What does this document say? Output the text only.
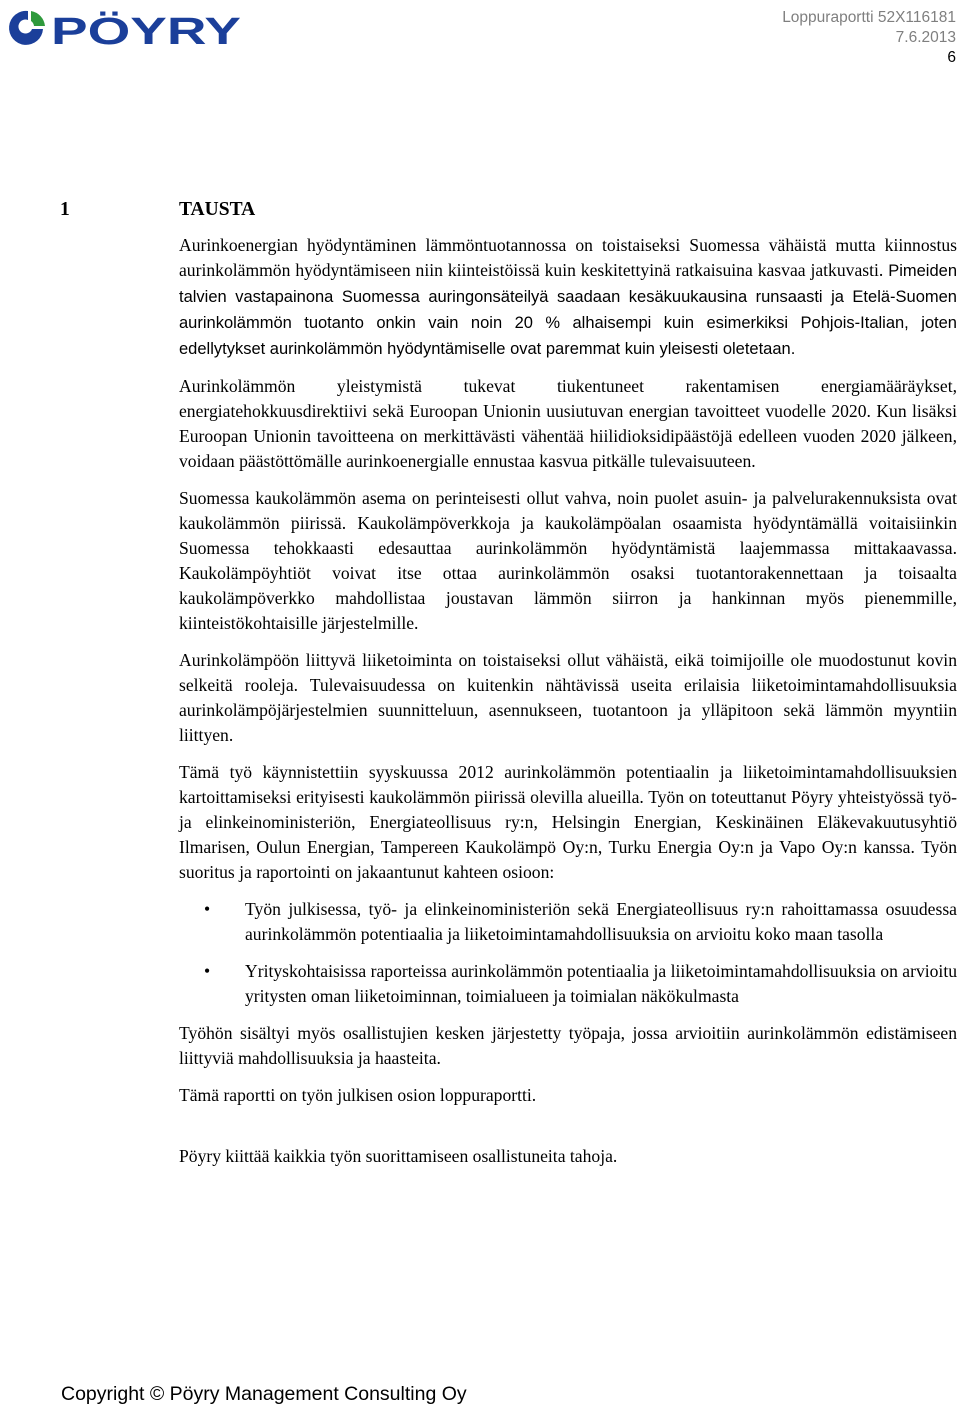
PÖYRY	Loppuraportti 52X116181
7.6.2013
6
1	TAUSTA

Aurinkoenergian hyödyntäminen lämmöntuotannossa on toistaiseksi Suomessa vähäistä mutta kiinnostus aurinkolämmön hyödyntämiseen niin kiinteistöissä kuin keskitettyinä ratkaisuina kasvaa jatkuvasti. Pimeiden talvien vastapainona Suomessa auringonsäteilyä saadaan kesäkuukausina runsaasti ja Etelä-Suomen aurinkolämmön tuotanto onkin vain noin 20 % alhaisempi kuin esimerkiksi Pohjois-Italian, joten edellytykset aurinkolämmön hyödyntämiselle ovat paremmat kuin yleisesti oletetaan.

Aurinkolämmön yleistymistä tukevat tiukentuneet rakentamisen energiamääräykset, energiatehokkuusdirektiivi sekä Euroopan Unionin uusiutuvan energian tavoitteet vuodelle 2020. Kun lisäksi Euroopan Unionin tavoitteena on merkittävästi vähentää hiilidioksidipäästöjä edelleen vuoden 2020 jälkeen, voidaan päästöttömälle aurinkoenergialle ennustaa kasvua pitkälle tulevaisuuteen.

Suomessa kaukolämmön asema on perinteisesti ollut vahva, noin puolet asuin- ja palvelurakennuksista ovat kaukolämmön piirissä. Kaukolämpöverkkoja ja kaukolämpöalan osaamista hyödyntämällä voitaisiinkin Suomessa tehokkaasti edesauttaa aurinkolämmön hyödyntämistä laajemmassa mittakaavassa. Kaukolämpöyhtiöt voivat itse ottaa aurinkolämmön osaksi tuotantorakennettaan ja toisaalta kaukolämpöverkko mahdollistaa joustavan lämmön siirron ja hankinnan myös pienemmille, kiinteistökohtaisille järjestelmille.

Aurinkolämpöön liittyvä liiketoiminta on toistaiseksi ollut vähäistä, eikä toimijoille ole muodostunut kovin selkeitä rooleja. Tulevaisuudessa on kuitenkin nähtävissä useita erilaisia liiketoimintamahdollisuuksia aurinkolämpöjärjestelmien suunnitteluun, asennukseen, tuotantoon ja ylläpitoon sekä lämmön myyntiin liittyen.

Tämä työ käynnistettiin syyskuussa 2012 aurinkolämmön potentiaalin ja liiketoimintamahdollisuuksien kartoittamiseksi erityisesti kaukolämmön piirissä olevilla alueilla. Työn on toteuttanut Pöyry yhteistyössä työ- ja elinkeinoministeriön, Energiateollisuus ry:n, Helsingin Energian, Keskinäinen Eläkevakuutusyhtiö Ilmarisen, Oulun Energian, Tampereen Kaukolämpö Oy:n, Turku Energia Oy:n ja Vapo Oy:n kanssa. Työn suoritus ja raportointi on jakaantunut kahteen osioon:

• Työn julkisessa, työ- ja elinkeinoministeriön sekä Energiateollisuus ry:n rahoittamassa osuudessa aurinkolämmön potentiaalia ja liiketoimintamahdollisuuksia on arvioitu koko maan tasolla
• Yrityskohtaisissa raporteissa aurinkolämmön potentiaalia ja liiketoimintamahdollisuuksia on arvioitu yritysten oman liiketoiminnan, toimialueen ja toimialan näkökulmasta

Työhön sisältyi myös osallistujien kesken järjestetty työpaja, jossa arvioitiin aurinkolämmön edistämiseen liittyviä mahdollisuuksia ja haasteita.

Tämä raportti on työn julkisen osion loppuraportti.

Pöyry kiittää kaikkia työn suorittamiseen osallistuneita tahoja.

Copyright © Pöyry Management Consulting Oy
